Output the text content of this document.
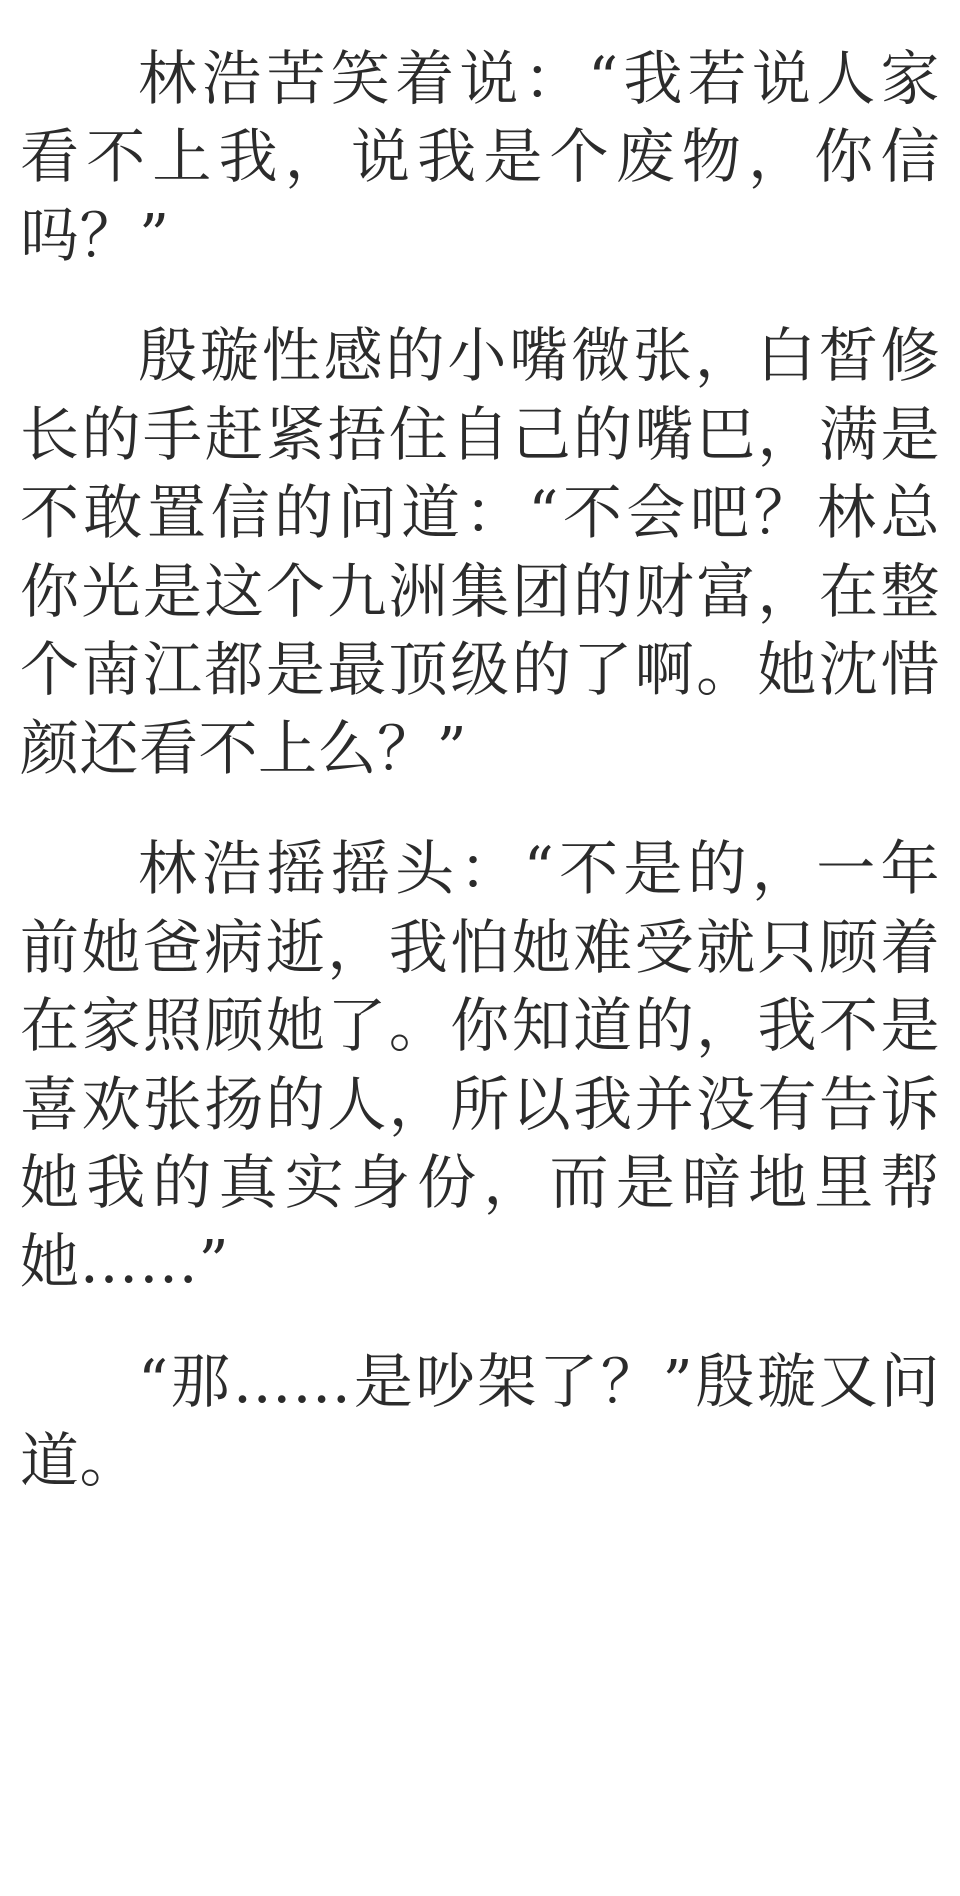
林浩苦笑着说：“我若说人家看不上我，说我是个废物，你信吗？”

殷璇性感的小嘴微张，白皙修长的手赶紧捂住自己的嘴巴，满是不敢置信的问道：“不会吧？林总你光是这个九洲集团的财富，在整个南江都是最顶级的了啊。她沈惜颜还看不上么？”

林浩摇摇头：“不是的，一年前她爸病逝，我怕她难受就只顾着在家照顾她了。你知道的，我不是喜欢张扬的人，所以我并没有告诉她我的真实身份，而是暗地里帮她……”

“那……是吵架了？”殷璇又问道。
